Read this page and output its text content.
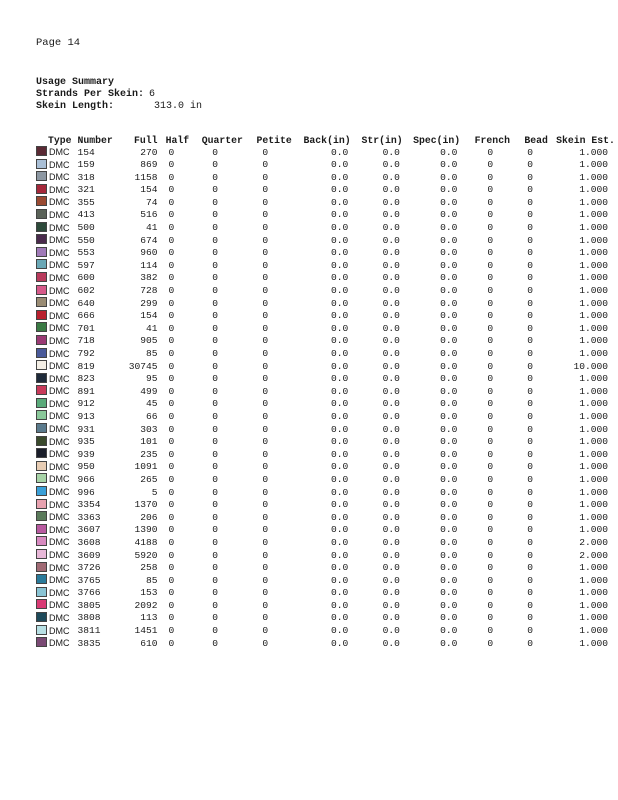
Page 14
Usage Summary
Strands Per Skein: 6
Skein Length:	313.0 in
Type	Number	Full	Half	Quarter	Petite	Back(in)	Str(in)	Spec(in)	French	Bead	Skein Est.
DMC	154	270	0	0	0	0.0	0.0	0.0	0	0	1.000
DMC	159	869	0	0	0	0.0	0.0	0.0	0	0	1.000
DMC	318	1158	0	0	0	0.0	0.0	0.0	0	0	1.000
DMC	321	154	0	0	0	0.0	0.0	0.0	0	0	1.000
DMC	355	74	0	0	0	0.0	0.0	0.0	0	0	1.000
DMC	413	516	0	0	0	0.0	0.0	0.0	0	0	1.000
DMC	500	41	0	0	0	0.0	0.0	0.0	0	0	1.000
DMC	550	674	0	0	0	0.0	0.0	0.0	0	0	1.000
DMC	553	960	0	0	0	0.0	0.0	0.0	0	0	1.000
DMC	597	114	0	0	0	0.0	0.0	0.0	0	0	1.000
DMC	600	382	0	0	0	0.0	0.0	0.0	0	0	1.000
DMC	602	728	0	0	0	0.0	0.0	0.0	0	0	1.000
DMC	640	299	0	0	0	0.0	0.0	0.0	0	0	1.000
DMC	666	154	0	0	0	0.0	0.0	0.0	0	0	1.000
DMC	701	41	0	0	0	0.0	0.0	0.0	0	0	1.000
DMC	718	905	0	0	0	0.0	0.0	0.0	0	0	1.000
DMC	792	85	0	0	0	0.0	0.0	0.0	0	0	1.000
DMC	819	30745	0	0	0	0.0	0.0	0.0	0	0	10.000
DMC	823	95	0	0	0	0.0	0.0	0.0	0	0	1.000
DMC	891	499	0	0	0	0.0	0.0	0.0	0	0	1.000
DMC	912	45	0	0	0	0.0	0.0	0.0	0	0	1.000
DMC	913	66	0	0	0	0.0	0.0	0.0	0	0	1.000
DMC	931	303	0	0	0	0.0	0.0	0.0	0	0	1.000
DMC	935	101	0	0	0	0.0	0.0	0.0	0	0	1.000
DMC	939	235	0	0	0	0.0	0.0	0.0	0	0	1.000
DMC	950	1091	0	0	0	0.0	0.0	0.0	0	0	1.000
DMC	966	265	0	0	0	0.0	0.0	0.0	0	0	1.000
DMC	996	5	0	0	0	0.0	0.0	0.0	0	0	1.000
DMC	3354	1370	0	0	0	0.0	0.0	0.0	0	0	1.000
DMC	3363	206	0	0	0	0.0	0.0	0.0	0	0	1.000
DMC	3607	1390	0	0	0	0.0	0.0	0.0	0	0	1.000
DMC	3608	4188	0	0	0	0.0	0.0	0.0	0	0	2.000
DMC	3609	5920	0	0	0	0.0	0.0	0.0	0	0	2.000
DMC	3726	258	0	0	0	0.0	0.0	0.0	0	0	1.000
DMC	3765	85	0	0	0	0.0	0.0	0.0	0	0	1.000
DMC	3766	153	0	0	0	0.0	0.0	0.0	0	0	1.000
DMC	3805	2092	0	0	0	0.0	0.0	0.0	0	0	1.000
DMC	3808	113	0	0	0	0.0	0.0	0.0	0	0	1.000
DMC	3811	1451	0	0	0	0.0	0.0	0.0	0	0	1.000
DMC	3835	610	0	0	0	0.0	0.0	0.0	0	0	1.000
